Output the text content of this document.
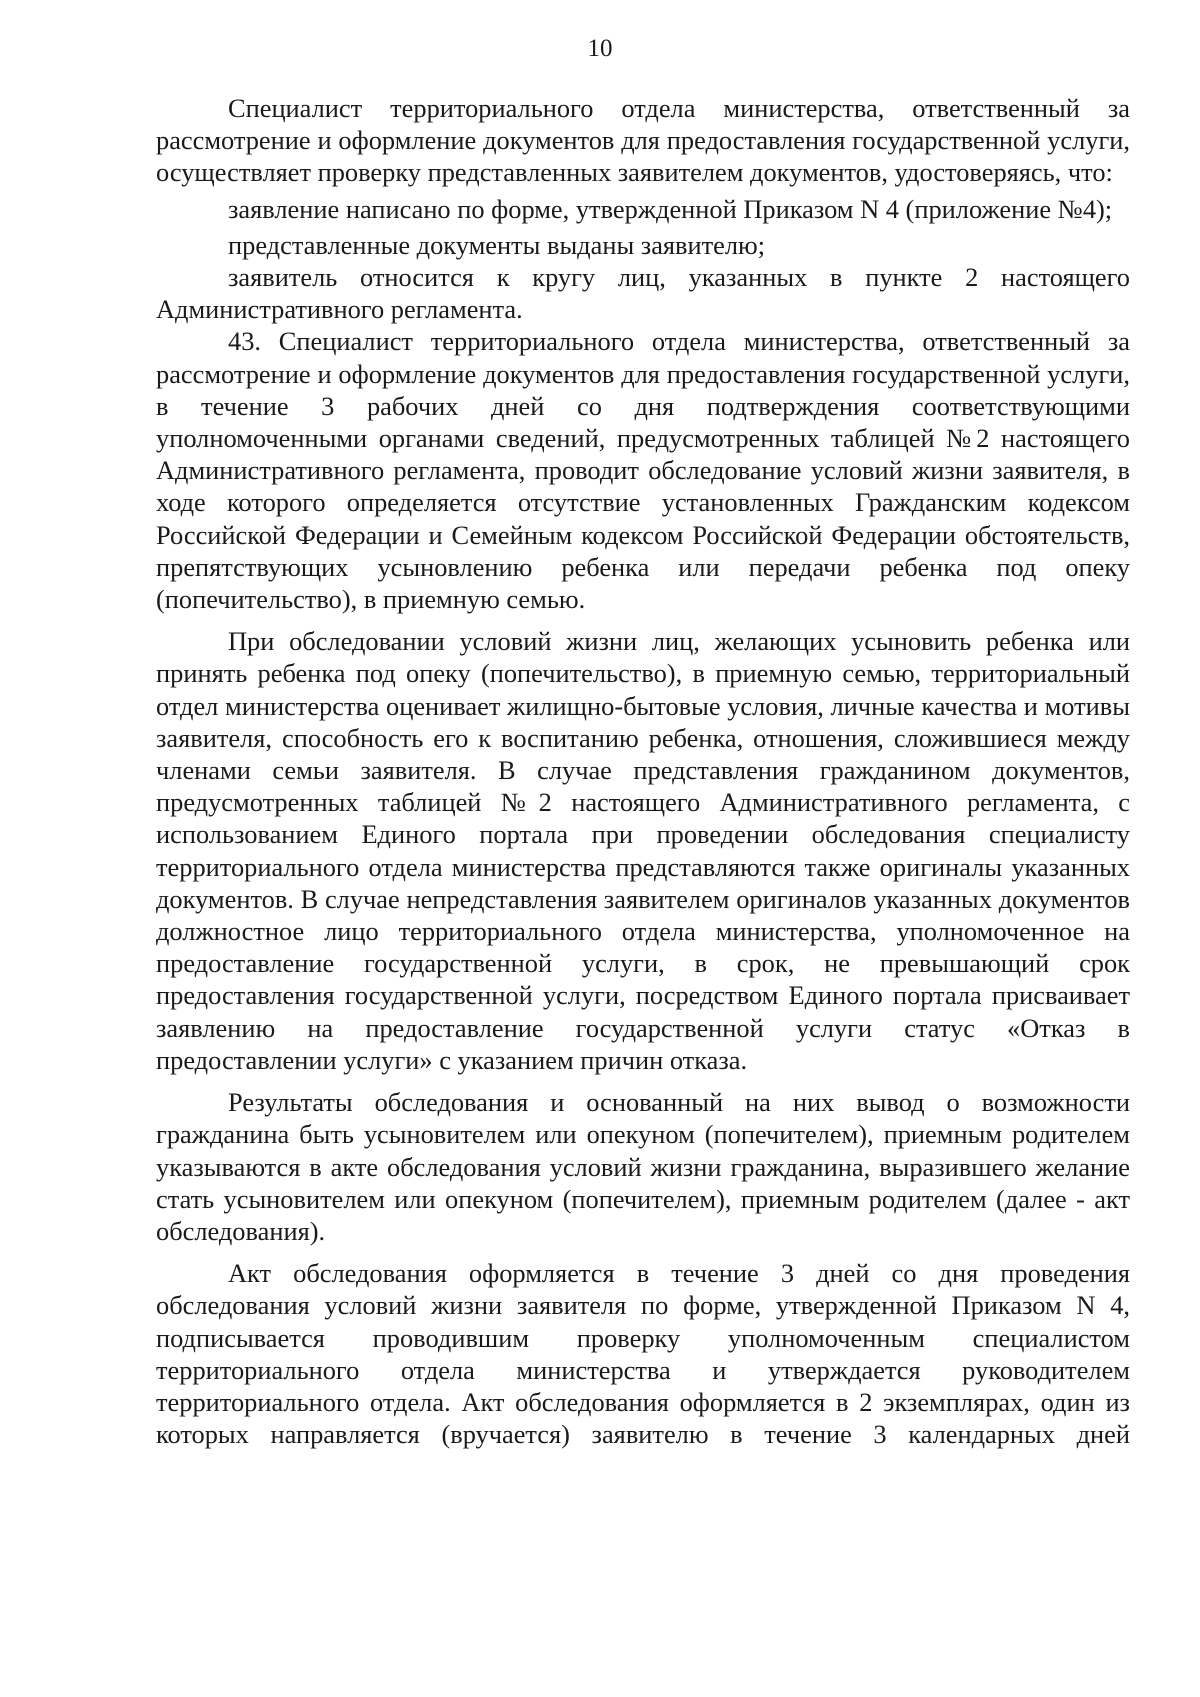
10

Специалист территориального отдела министерства, ответственный за рассмотрение и оформление документов для предоставления государственной услуги, осуществляет проверку представленных заявителем документов, удостоверяясь, что:

заявление написано по форме, утвержденной Приказом N 4 (приложение №4);

представленные документы выданы заявителю;

заявитель относится к кругу лиц, указанных в пункте 2 настоящего Административного регламента.

43. Специалист территориального отдела министерства, ответственный за рассмотрение и оформление документов для предоставления государственной услуги, в течение 3 рабочих дней со дня подтверждения соответствующими уполномоченными органами сведений, предусмотренных таблицей №2 настоящего Административного регламента, проводит обследование условий жизни заявителя, в ходе которого определяется отсутствие установленных Гражданским кодексом Российской Федерации и Семейным кодексом Российской Федерации обстоятельств, препятствующих усыновлению ребенка или передачи ребенка под опеку (попечительство), в приемную семью.

При обследовании условий жизни лиц, желающих усыновить ребенка или принять ребенка под опеку (попечительство), в приемную семью, территориальный отдел министерства оценивает жилищно-бытовые условия, личные качества и мотивы заявителя, способность его к воспитанию ребенка, отношения, сложившиеся между членами семьи заявителя. В случае представления гражданином документов, предусмотренных таблицей №2 настоящего Административного регламента, с использованием Единого портала при проведении обследования специалисту территориального отдела министерства представляются также оригиналы указанных документов. В случае непредставления заявителем оригиналов указанных документов должностное лицо территориального отдела министерства, уполномоченное на предоставление государственной услуги, в срок, не превышающий срок предоставления государственной услуги, посредством Единого портала присваивает заявлению на предоставление государственной услуги статус «Отказ в предоставлении услуги» с указанием причин отказа.

Результаты обследования и основанный на них вывод о возможности гражданина быть усыновителем или опекуном (попечителем), приемным родителем указываются в акте обследования условий жизни гражданина, выразившего желание стать усыновителем или опекуном (попечителем), приемным родителем (далее - акт обследования).

Акт обследования оформляется в течение 3 дней со дня проведения обследования условий жизни заявителя по форме, утвержденной Приказом N 4, подписывается проводившим проверку уполномоченным специалистом территориального отдела министерства и утверждается руководителем территориального отдела. Акт обследования оформляется в 2 экземплярах, один из которых направляется (вручается) заявителю в течение 3 календарных дней
